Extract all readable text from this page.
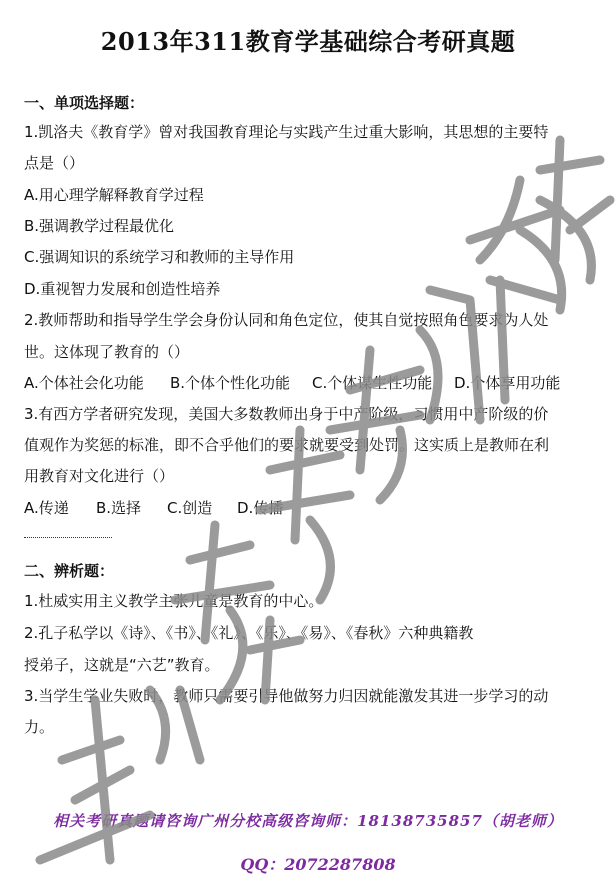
2013年311教育学基础综合考研真题
一、单项选择题：
1.凯洛夫《教育学》曾对我国教育理论与实践产生过重大影响，其思想的主要特
点是（）
A.用心理学解释教育学过程
B.强调教学过程最优化
C.强调知识的系统学习和教师的主导作用
D.重视智力发展和创造性培养
2.教师帮助和指导学生学会身份认同和角色定位，使其自觉按照角色要求为人处
世。这体现了教育的（）
A.个体社会化功能 B.个体个性化功能 C.个体谋生性功能 D.个体享用功能
3.有西方学者研究发现，美国大多数教师出身于中产阶级，习惯用中产阶级的价
值观作为奖惩的标准，即不合乎他们的要求就要受到处罚。这实质上是教师在利
用教育对文化进行（）
A.传递 B.选择 C.创造 D.传播
二、辨析题：
1.杜威实用主义教学主张儿童是教育的中心。
2.孔子私学以《诗》、《书》、《礼》、《乐》、《易》、《春秋》六种典籍教
授弟子，这就是“六艺”教育。
3.当学生学业失败时，教师只需要引导他做努力归因就能激发其进一步学习的动
力。
相关考研真题请咨询广州分校高级咨询师：18138735857（胡老师）
QQ：2072287808
